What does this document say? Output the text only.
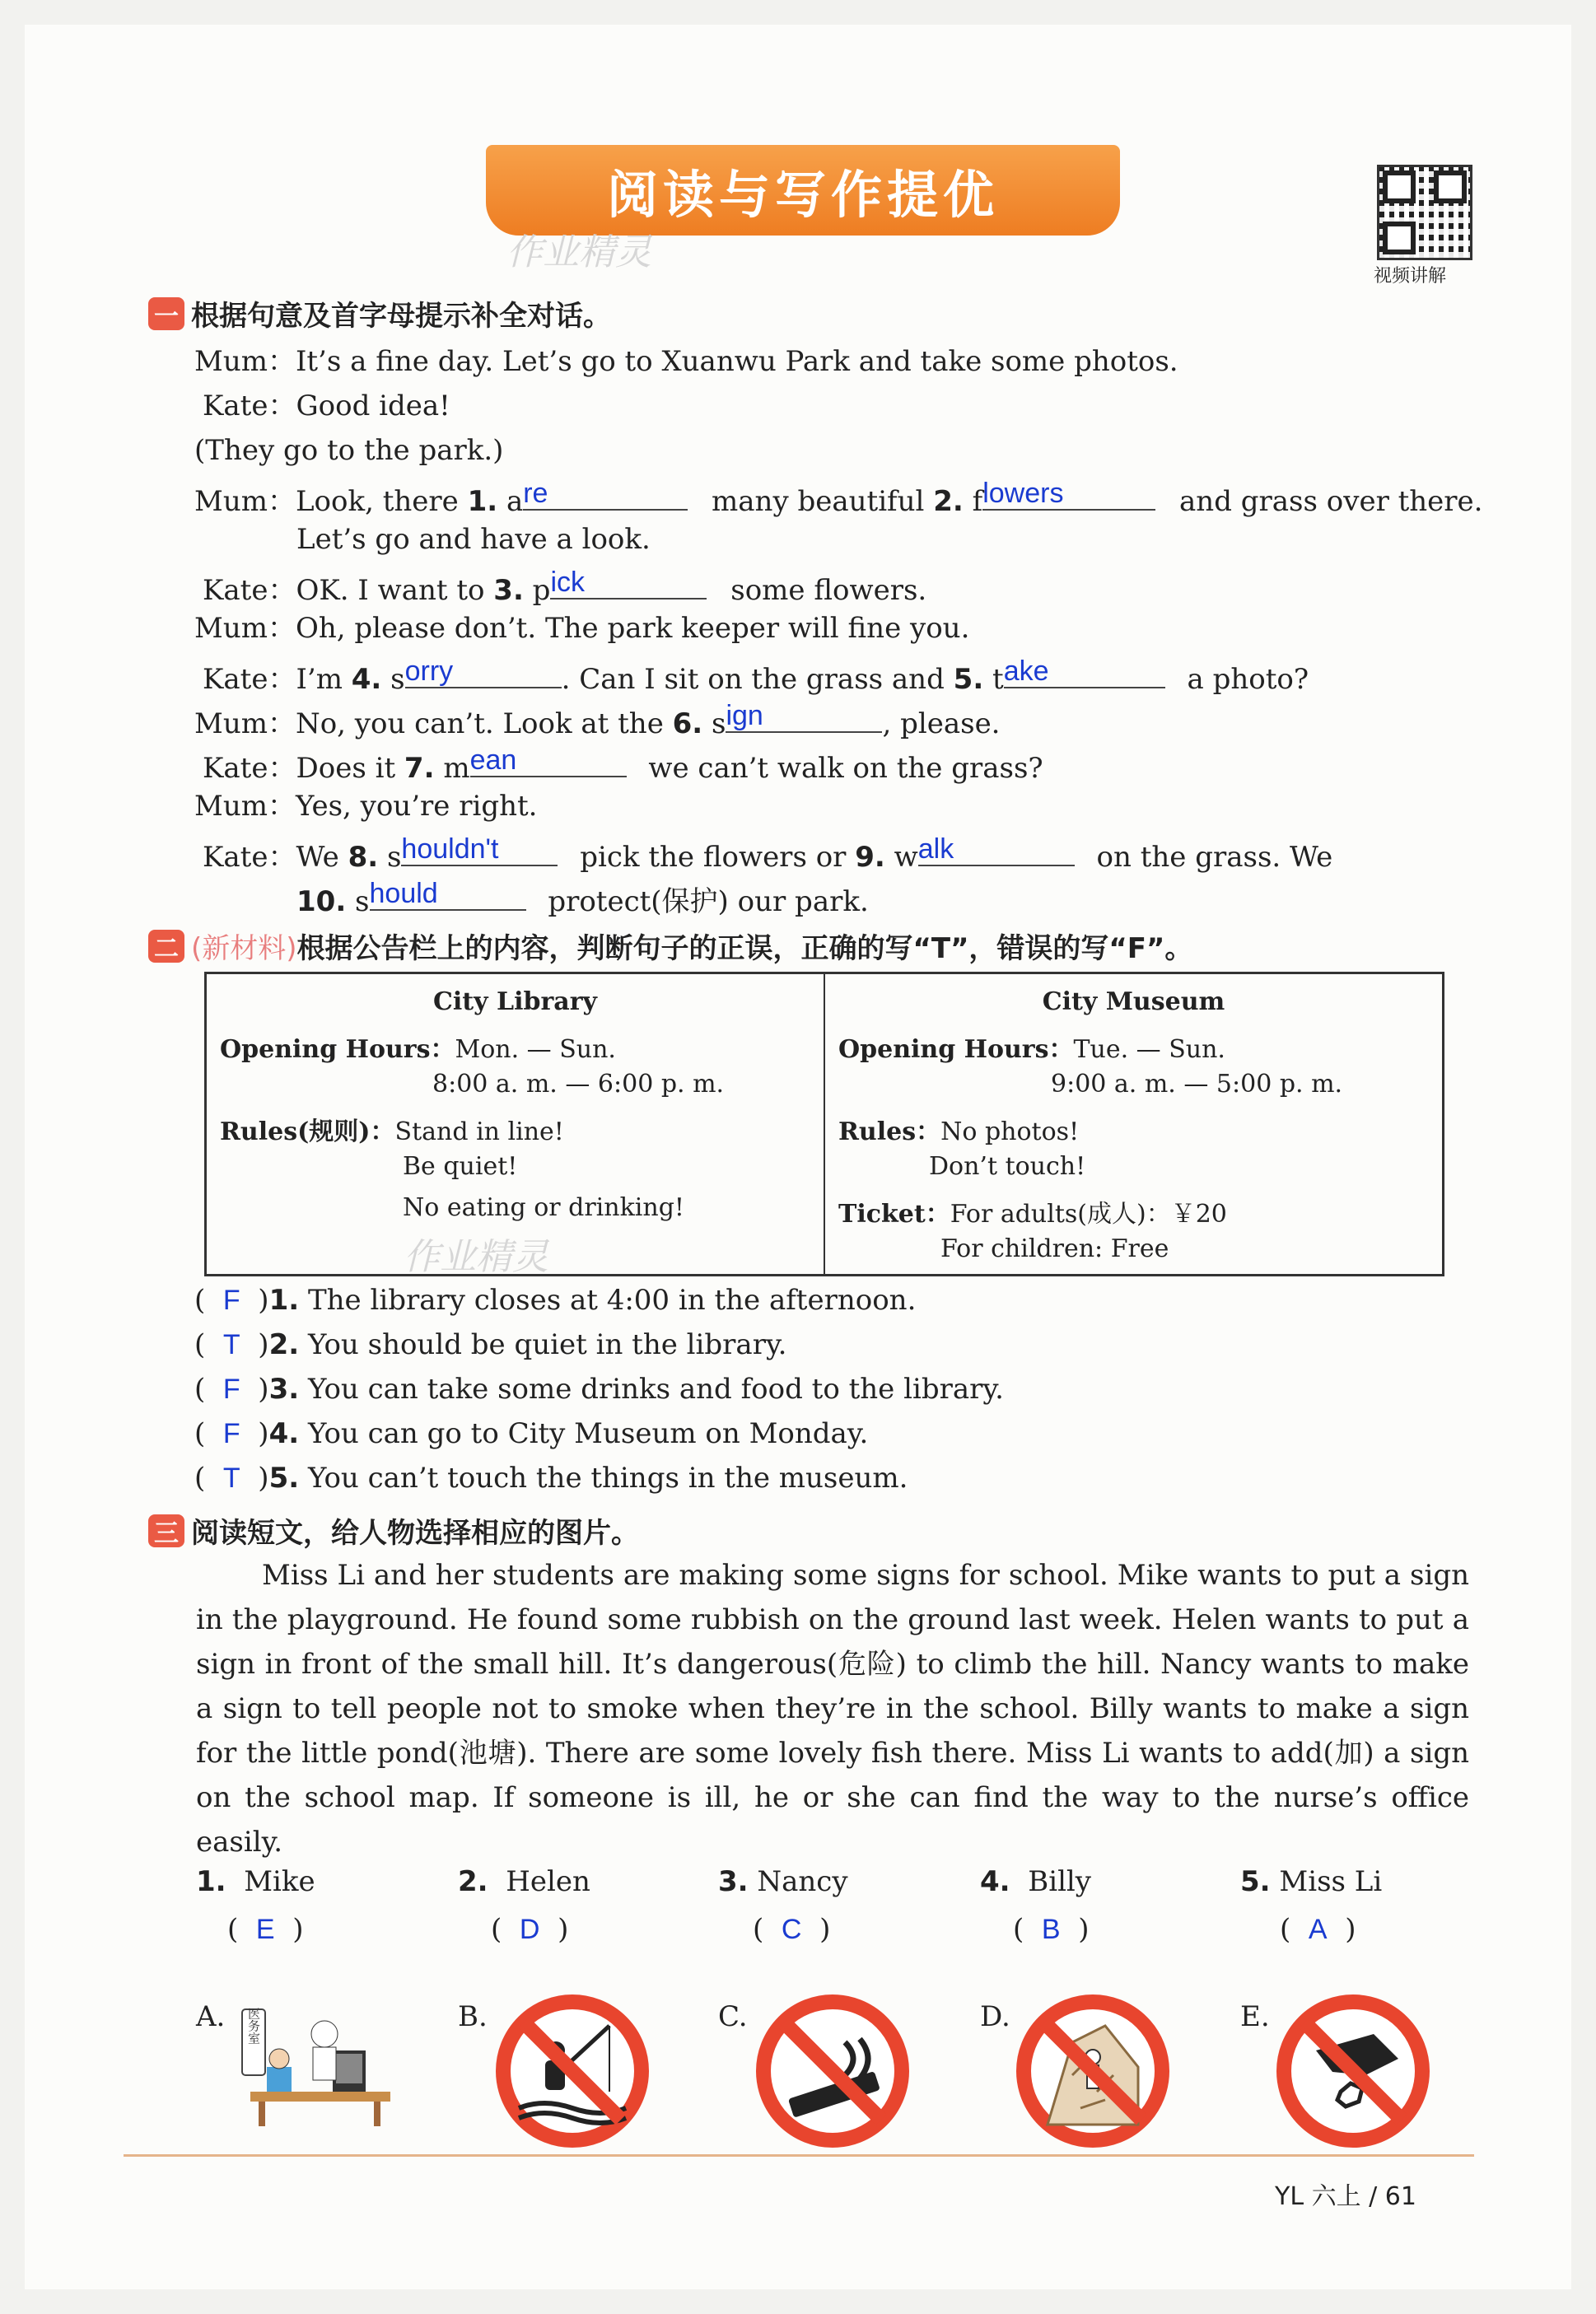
阅读与写作提优
作业精灵
视频讲解
一 根据句意及首字母提示补全对话。
Mum：It’s a fine day. Let’s go to Xuanwu Park and take some photos.
Kate：Good idea!
(They go to the park.)
Mum：Look, there 1. a re	many beautiful 2. f lowers	and grass over there.
Let’s go and have a look.
Kate：OK. I want to 3. p ick	some flowers.
Mum：Oh, please don’t. The park keeper will fine you.
Kate：I’m 4. s orry	. Can I sit on the grass and 5. t ake	a photo?
Mum：No, you can’t. Look at the 6. s ign	, please.
Kate：Does it 7. m ean	we can’t walk on the grass?
Mum：Yes, you’re right.
Kate：We 8. s houldn't	pick the flowers or 9. w alk	on the grass. We
10. s hould	protect(保护) our park.
二 (新材料) 根据公告栏上的内容，判断句子的正误，正确的写“T”，错误的写“F”。
City Library
Opening Hours：Mon. — Sun.
8:00 a. m. — 6:00 p. m.
Rules(规则)：Stand in line!
Be quiet!
No eating or drinking!
City Museum
Opening Hours：Tue. — Sun.
9:00 a. m. — 5:00 p. m.
Rules：No photos!
Don’t touch!
Ticket：For adults(成人)：￥20
For children: Free
作业精灵
(  F  )1. The library closes at 4:00 in the afternoon.
(  T  )2. You should be quiet in the library.
(  F  )3. You can take some drinks and food to the library.
(  F  )4. You can go to City Museum on Monday.
(  T  )5. You can’t touch the things in the museum.
三 阅读短文，给人物选择相应的图片。
Miss Li and her students are making some signs for school. Mike wants to put a sign in the playground. He found some rubbish on the ground last week. Helen wants to put a sign in front of the small hill. It’s dangerous(危险) to climb the hill. Nancy wants to make a sign to tell people not to smoke when they’re in the school. Billy wants to make a sign for the little pond(池塘). There are some lovely fish there. Miss Li wants to add(加) a sign on the school map. If someone is ill, he or she can find the way to the nurse’s office easily.
1. Mike	2. Helen	3. Nancy	4. Billy	5. Miss Li
(  E  )	(  D  )	(  C  )	(  B  )	(  A  )
A.	B.	C.	D.	E.
医务室
YL 六上 / 61
